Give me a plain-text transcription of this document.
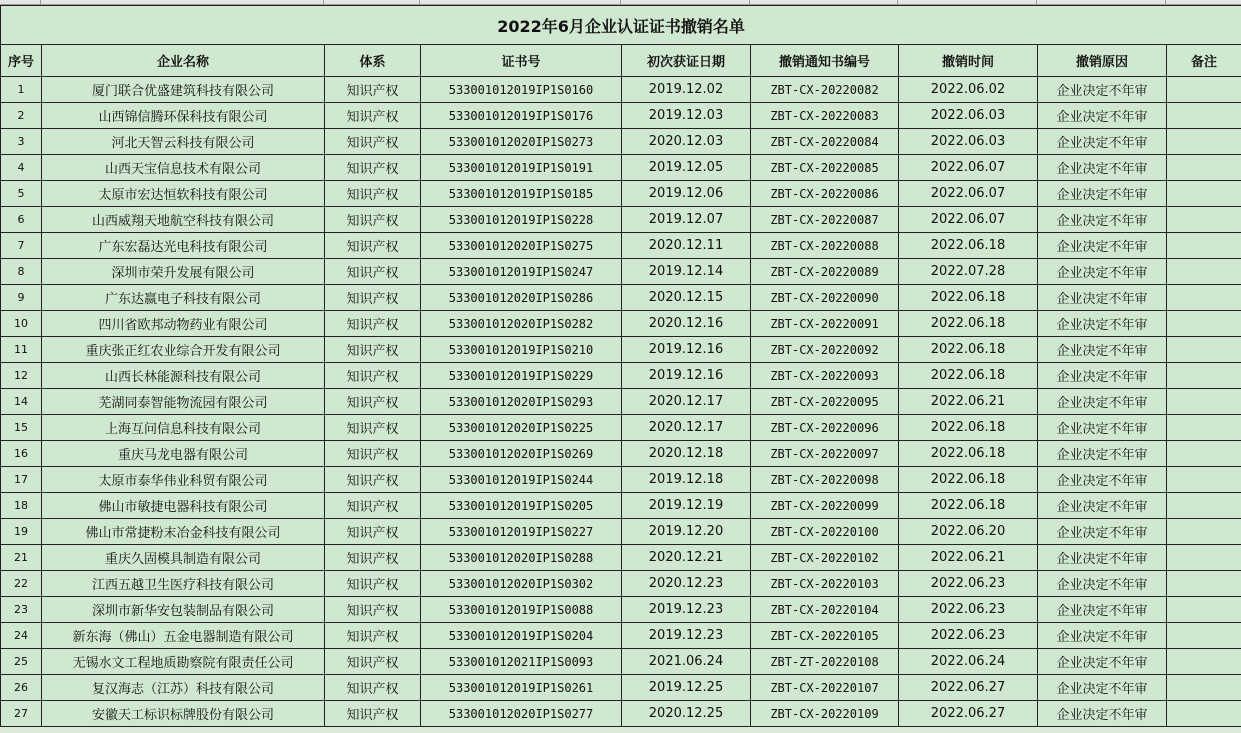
2022年6月企业认证证书撤销名单								
序号	企业名称	体系	证书号	初次获证日期	撤销通知书编号	撤销时间	撤销原因	备注
1	厦门联合优盛建筑科技有限公司	知识产权	533001012019IP1S0160	2019.12.02	ZBT-CX-20220082	2022.06.02	企业决定不年审	
2	山西锦信腾环保科技有限公司	知识产权	533001012019IP1S0176	2019.12.03	ZBT-CX-20220083	2022.06.03	企业决定不年审	
3	河北天智云科技有限公司	知识产权	533001012020IP1S0273	2020.12.03	ZBT-CX-20220084	2022.06.03	企业决定不年审	
4	山西天宝信息技术有限公司	知识产权	533001012019IP1S0191	2019.12.05	ZBT-CX-20220085	2022.06.07	企业决定不年审	
5	太原市宏达恒软科技有限公司	知识产权	533001012019IP1S0185	2019.12.06	ZBT-CX-20220086	2022.06.07	企业决定不年审	
6	山西威翔天地航空科技有限公司	知识产权	533001012019IP1S0228	2019.12.07	ZBT-CX-20220087	2022.06.07	企业决定不年审	
7	广东宏磊达光电科技有限公司	知识产权	533001012020IP1S0275	2020.12.11	ZBT-CX-20220088	2022.06.18	企业决定不年审	
8	深圳市荣升发展有限公司	知识产权	533001012019IP1S0247	2019.12.14	ZBT-CX-20220089	2022.07.28	企业决定不年审	
9	广东达嬴电子科技有限公司	知识产权	533001012020IP1S0286	2020.12.15	ZBT-CX-20220090	2022.06.18	企业决定不年审	
10	四川省欧邦动物药业有限公司	知识产权	533001012020IP1S0282	2020.12.16	ZBT-CX-20220091	2022.06.18	企业决定不年审	
11	重庆张正红农业综合开发有限公司	知识产权	533001012019IP1S0210	2019.12.16	ZBT-CX-20220092	2022.06.18	企业决定不年审	
12	山西长林能源科技有限公司	知识产权	533001012019IP1S0229	2019.12.16	ZBT-CX-20220093	2022.06.18	企业决定不年审	
14	芜湖同泰智能物流园有限公司	知识产权	533001012020IP1S0293	2020.12.17	ZBT-CX-20220095	2022.06.21	企业决定不年审	
15	上海互问信息科技有限公司	知识产权	533001012020IP1S0225	2020.12.17	ZBT-CX-20220096	2022.06.18	企业决定不年审	
16	重庆马龙电器有限公司	知识产权	533001012020IP1S0269	2020.12.18	ZBT-CX-20220097	2022.06.18	企业决定不年审	
17	太原市泰华伟业科贸有限公司	知识产权	533001012019IP1S0244	2019.12.18	ZBT-CX-20220098	2022.06.18	企业决定不年审	
18	佛山市敏捷电器科技有限公司	知识产权	533001012019IP1S0205	2019.12.19	ZBT-CX-20220099	2022.06.18	企业决定不年审	
19	佛山市常捷粉末冶金科技有限公司	知识产权	533001012019IP1S0227	2019.12.20	ZBT-CX-20220100	2022.06.20	企业决定不年审	
21	重庆久固模具制造有限公司	知识产权	533001012020IP1S0288	2020.12.21	ZBT-CX-20220102	2022.06.21	企业决定不年审	
22	江西五越卫生医疗科技有限公司	知识产权	533001012020IP1S0302	2020.12.23	ZBT-CX-20220103	2022.06.23	企业决定不年审	
23	深圳市新华安包装制品有限公司	知识产权	533001012019IP1S0088	2019.12.23	ZBT-CX-20220104	2022.06.23	企业决定不年审	
24	新东海（佛山）五金电器制造有限公司	知识产权	533001012019IP1S0204	2019.12.23	ZBT-CX-20220105	2022.06.23	企业决定不年审	
25	无锡水文工程地质勘察院有限责任公司	知识产权	533001012021IP1S0093	2021.06.24	ZBT-ZT-20220108	2022.06.24	企业决定不年审	
26	复汉海志（江苏）科技有限公司	知识产权	533001012019IP1S0261	2019.12.25	ZBT-CX-20220107	2022.06.27	企业决定不年审	
27	安徽天工标识标牌股份有限公司	知识产权	533001012020IP1S0277	2020.12.25	ZBT-CX-20220109	2022.06.27	企业决定不年审	
